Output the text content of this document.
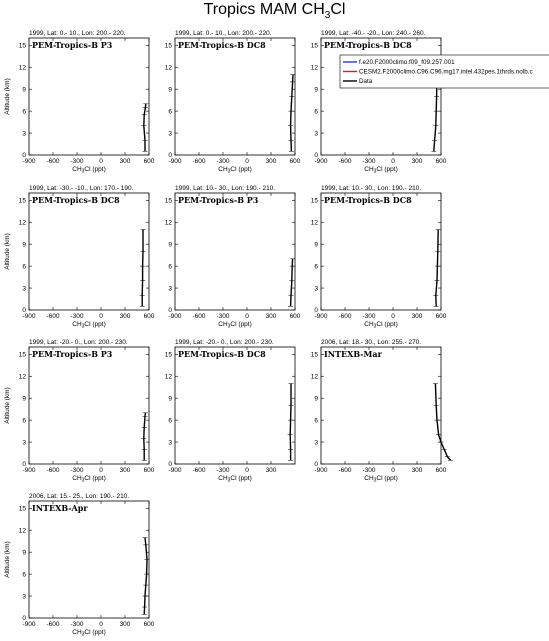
Tropics MAM $CH_3Cl$
1999, Lat: 0.- 10., Lon: 200.- 220.
PEM-Tropics-B P3
-900 -600 -300 0	300 600
0
3
6
9
12
15
$CH_3Cl$ (ppt)
Altitude (km)
1999, Lat: 0.- 10., Lon: 200.- 220.
PEM-Tropics-B DC8
-900 -600 -300 0	300 600
0
3
6
9
12
15
$CH_3Cl$ (ppt)
1999, Lat: -40.- -20., Lon: 240.- 260.
PEM-Tropics-B DC8
-900 -600 -300 0	300 600
0
3
6
9
12
15
$CH_3Cl$ (ppt)
1999, Lat: -30.- -10., Lon: 170.- 190.
PEM-Tropics-B DC8
-900 -600 -300 0	300 600
0
3
6
9
12
15
$CH_3Cl$ (ppt)
Altitude (km)
1999, Lat: 10.- 30., Lon: 190.- 210.
PEM-Tropics-B P3
-900 -600 -300 0	300 600
0
3
6
9
12
15
$CH_3Cl$ (ppt)
1999, Lat: 10.- 30., Lon: 190.- 210.
PEM-Tropics-B DC8
-900 -600 -300 0	300 600
0
3
6
9
12
15
$CH_3Cl$ (ppt)
1999, Lat: -20.- 0., Lon: 200.- 230.
PEM-Tropics-B P3
-900 -600 -300 0	300 600
0
3
6
9
12
15
$CH_3Cl$ (ppt)
Altitude (km)
1999, Lat: -20.- 0., Lon: 200.- 230.
PEM-Tropics-B DC8
-900 -600 -300 0	300
0
3
6
9
12
15
$CH_3Cl$ (ppt)
2006, Lat: 18.- 30., Lon: 255.- 270.
INTEXB-Mar
-900 -600 -300 0	300 600
0
3
6
9
12
15
$CH_3Cl$ (ppt)
2006, Lat: 15.- 25., Lon: 190.- 210.
INTEXB-Apr
-900 -600 -300 0	300 600
0
3
6
9
12
15
$CH_3Cl$ (ppt)
Altitude (km)
f.e20.F2000climo.f09_f09.257.001
CESM2.F2000climo.C96.C96.mg17.intel.432pes.1thrds.nolb.c
Data
